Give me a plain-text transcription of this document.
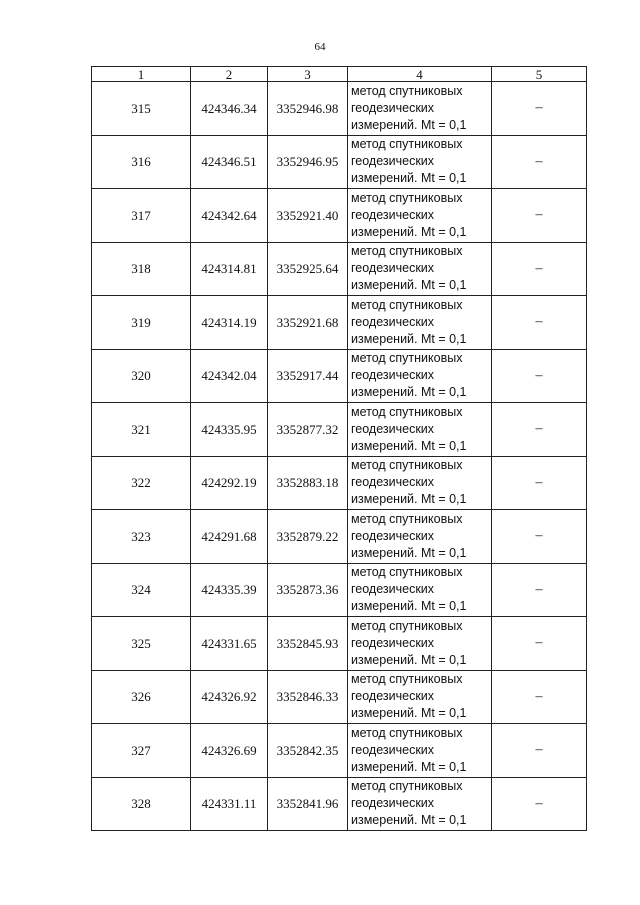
64
1	2	3	4	5
315	424346.34	3352946.98	метод спутниковых
геодезических
измерений. Mt = 0,1	–
316	424346.51	3352946.95	метод спутниковых
геодезических
измерений. Mt = 0,1	–
317	424342.64	3352921.40	метод спутниковых
геодезических
измерений. Mt = 0,1	–
318	424314.81	3352925.64	метод спутниковых
геодезических
измерений. Mt = 0,1	–
319	424314.19	3352921.68	метод спутниковых
геодезических
измерений. Mt = 0,1	–
320	424342.04	3352917.44	метод спутниковых
геодезических
измерений. Mt = 0,1	–
321	424335.95	3352877.32	метод спутниковых
геодезических
измерений. Mt = 0,1	–
322	424292.19	3352883.18	метод спутниковых
геодезических
измерений. Mt = 0,1	–
323	424291.68	3352879.22	метод спутниковых
геодезических
измерений. Mt = 0,1	–
324	424335.39	3352873.36	метод спутниковых
геодезических
измерений. Mt = 0,1	–
325	424331.65	3352845.93	метод спутниковых
геодезических
измерений. Mt = 0,1	–
326	424326.92	3352846.33	метод спутниковых
геодезических
измерений. Mt = 0,1	–
327	424326.69	3352842.35	метод спутниковых
геодезических
измерений. Mt = 0,1	–
328	424331.11	3352841.96	метод спутниковых
геодезических
измерений. Mt = 0,1	–
